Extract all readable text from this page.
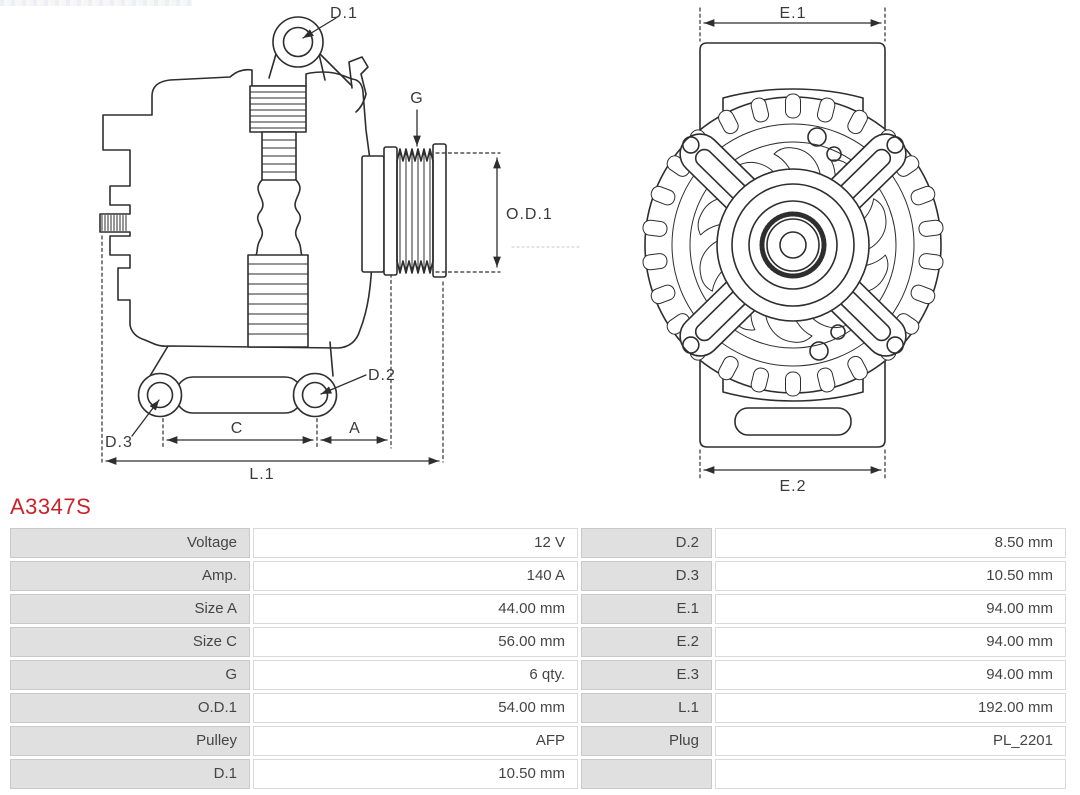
D.1
G
O.D.1
D.2
D.3
C	A
L.1
E.1
E.2
A3347S
Voltage	12 V	D.2	8.50 mm
Amp.	140 A	D.3	10.50 mm
Size A	44.00 mm	E.1	94.00 mm
Size C	56.00 mm	E.2	94.00 mm
G	6 qty.	E.3	94.00 mm
O.D.1	54.00 mm	L.1	192.00 mm
Pulley	AFP	Plug	PL_2201
D.1	10.50 mm
